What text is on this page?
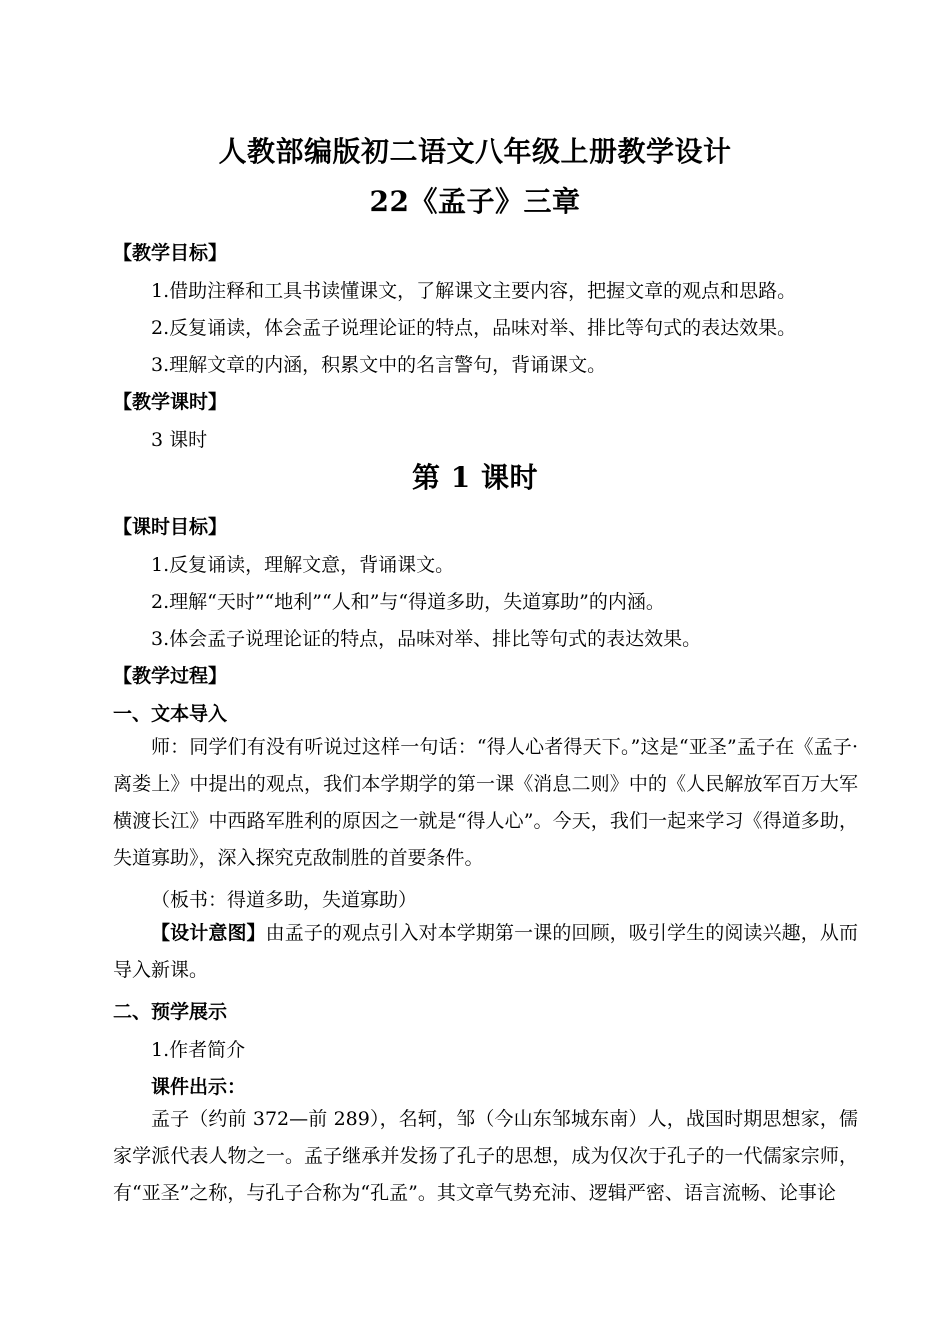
人教部编版初二语文八年级上册教学设计
22《孟子》三章
【教学目标】
1.借助注释和工具书读懂课文，了解课文主要内容，把握文章的观点和思路。
2.反复诵读，体会孟子说理论证的特点，品味对举、排比等句式的表达效果。
3.理解文章的内涵，积累文中的名言警句，背诵课文。
【教学课时】
3 课时
第 1 课时
【课时目标】
1.反复诵读，理解文意，背诵课文。
2.理解“天时”“地利”“人和”与“得道多助，失道寡助”的内涵。
3.体会孟子说理论证的特点，品味对举、排比等句式的表达效果。
【教学过程】
一、文本导入
师：同学们有没有听说过这样一句话：“得人心者得天下。”这是“亚圣”孟子在《孟子·离娄上》中提出的观点，我们本学期学的第一课《消息二则》中的《人民解放军百万大军横渡长江》中西路军胜利的原因之一就是“得人心”。今天，我们一起来学习《得道多助，失道寡助》，深入探究克敌制胜的首要条件。
（板书：得道多助，失道寡助）
【设计意图】由孟子的观点引入对本学期第一课的回顾，吸引学生的阅读兴趣，从而导入新课。
二、预学展示
1.作者简介
课件出示：
孟子（约前 372—前 289），名轲，邹（今山东邹城东南）人，战国时期思想家，儒家学派代表人物之一。孟子继承并发扬了孔子的思想，成为仅次于孔子的一代儒家宗师，有“亚圣”之称，与孔子合称为“孔孟”。其文章气势充沛、逻辑严密、语言流畅、论事论
